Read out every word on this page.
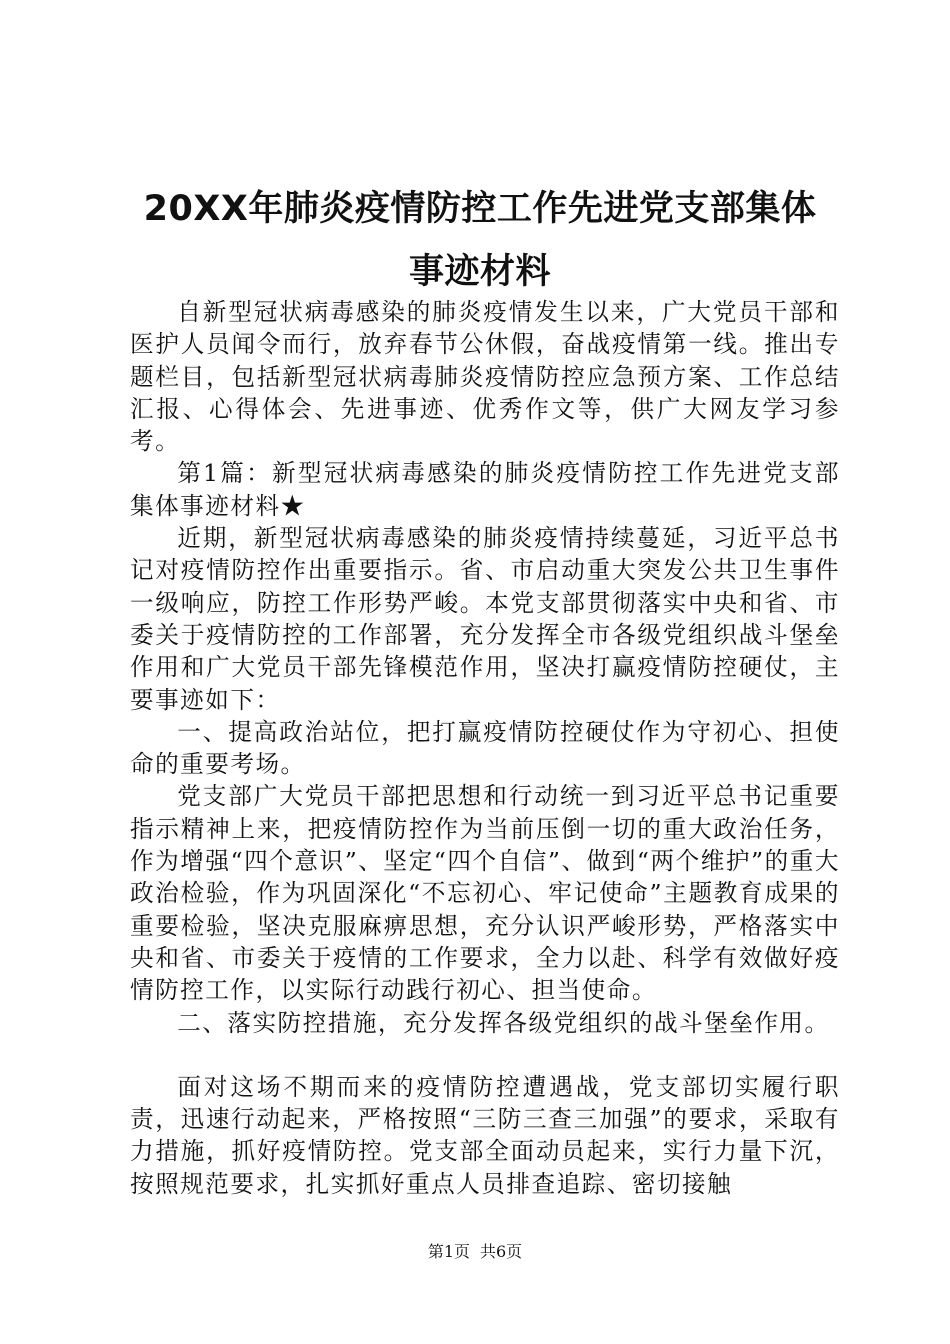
20XX年肺炎疫情防控工作先进党支部集体事迹材料

自新型冠状病毒感染的肺炎疫情发生以来，广大党员干部和医护人员闻令而行，放弃春节公休假，奋战疫情第一线。推出专题栏目，包括新型冠状病毒肺炎疫情防控应急预方案、工作总结汇报、心得体会、先进事迹、优秀作文等，供广大网友学习参考。

第1篇：新型冠状病毒感染的肺炎疫情防控工作先进党支部集体事迹材料★

近期，新型冠状病毒感染的肺炎疫情持续蔓延，习近平总书记对疫情防控作出重要指示。省、市启动重大突发公共卫生事件一级响应，防控工作形势严峻。本党支部贯彻落实中央和省、市委关于疫情防控的工作部署，充分发挥全市各级党组织战斗堡垒作用和广大党员干部先锋模范作用，坚决打赢疫情防控硬仗，主要事迹如下：

一、提高政治站位，把打赢疫情防控硬仗作为守初心、担使命的重要考场。

党支部广大党员干部把思想和行动统一到习近平总书记重要指示精神上来，把疫情防控作为当前压倒一切的重大政治任务，作为增强“四个意识”、坚定“四个自信”、做到“两个维护”的重大政治检验，作为巩固深化“不忘初心、牢记使命”主题教育成果的重要检验，坚决克服麻痹思想，充分认识严峻形势，严格落实中央和省、市委关于疫情的工作要求，全力以赴、科学有效做好疫情防控工作，以实际行动践行初心、担当使命。

二、落实防控措施，充分发挥各级党组织的战斗堡垒作用。

面对这场不期而来的疫情防控遭遇战，党支部切实履行职责，迅速行动起来，严格按照“三防三查三加强”的要求，采取有力措施，抓好疫情防控。党支部全面动员起来，实行力量下沉，按照规范要求，扎实抓好重点人员排查追踪、密切接触

第1页 共6页
